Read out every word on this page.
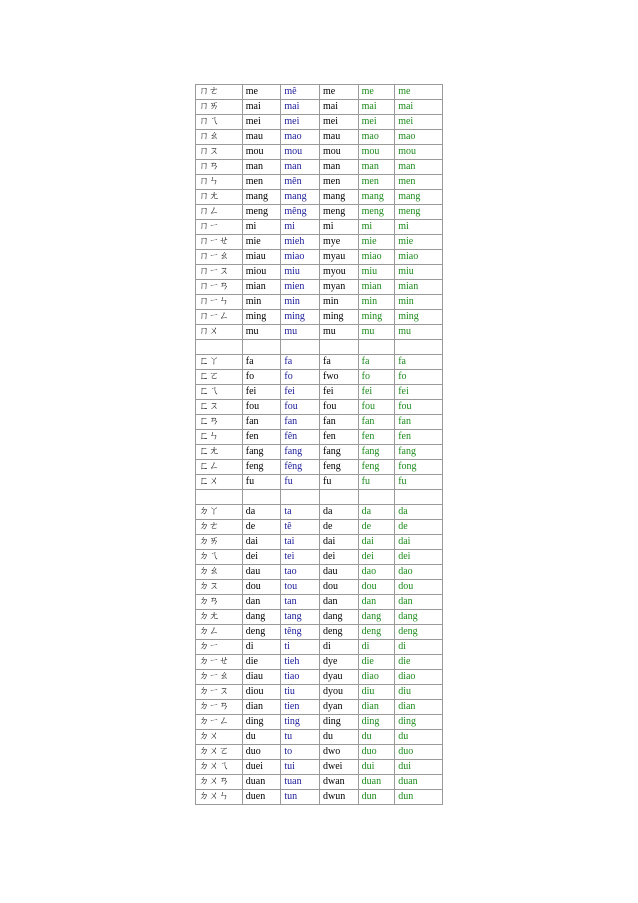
ㄇㄜ	me	mê	me	me	me
ㄇㄞ	mai	mai	mai	mai	mai
ㄇㄟ	mei	mei	mei	mei	mei
ㄇㄠ	mau	mao	mau	mao	mao
ㄇㄡ	mou	mou	mou	mou	mou
ㄇㄢ	man	man	man	man	man
ㄇㄣ	men	mên	men	men	men
ㄇㄤ	mang	mang	mang	mang	mang
ㄇㄥ	meng	mêng	meng	meng	meng
ㄇㄧ	mi	mi	mi	mi	mi
ㄇㄧㄝ	mie	mieh	mye	mie	mie
ㄇㄧㄠ	miau	miao	myau	miao	miao
ㄇㄧㄡ	miou	miu	myou	miu	miu
ㄇㄧㄢ	mian	mien	myan	mian	mian
ㄇㄧㄣ	min	min	min	min	min
ㄇㄧㄥ	ming	ming	ming	ming	ming
ㄇㄨ	mu	mu	mu	mu	mu

ㄈㄚ	fa	fa	fa	fa	fa
ㄈㄛ	fo	fo	fwo	fo	fo
ㄈㄟ	fei	fei	fei	fei	fei
ㄈㄡ	fou	fou	fou	fou	fou
ㄈㄢ	fan	fan	fan	fan	fan
ㄈㄣ	fen	fên	fen	fen	fen
ㄈㄤ	fang	fang	fang	fang	fang
ㄈㄥ	feng	fêng	feng	feng	fong
ㄈㄨ	fu	fu	fu	fu	fu

ㄉㄚ	da	ta	da	da	da
ㄉㄜ	de	tê	de	de	de
ㄉㄞ	dai	tai	dai	dai	dai
ㄉㄟ	dei	tei	dei	dei	dei
ㄉㄠ	dau	tao	dau	dao	dao
ㄉㄡ	dou	tou	dou	dou	dou
ㄉㄢ	dan	tan	dan	dan	dan
ㄉㄤ	dang	tang	dang	dang	dang
ㄉㄥ	deng	têng	deng	deng	deng
ㄉㄧ	di	ti	di	di	di
ㄉㄧㄝ	die	tieh	dye	die	die
ㄉㄧㄠ	diau	tiao	dyau	diao	diao
ㄉㄧㄡ	diou	tiu	dyou	diu	diu
ㄉㄧㄢ	dian	tien	dyan	dian	dian
ㄉㄧㄥ	ding	ting	ding	ding	ding
ㄉㄨ	du	tu	du	du	du
ㄉㄨㄛ	duo	to	dwo	duo	duo
ㄉㄨㄟ	duei	tui	dwei	dui	dui
ㄉㄨㄢ	duan	tuan	dwan	duan	duan
ㄉㄨㄣ	duen	tun	dwun	dun	dun
